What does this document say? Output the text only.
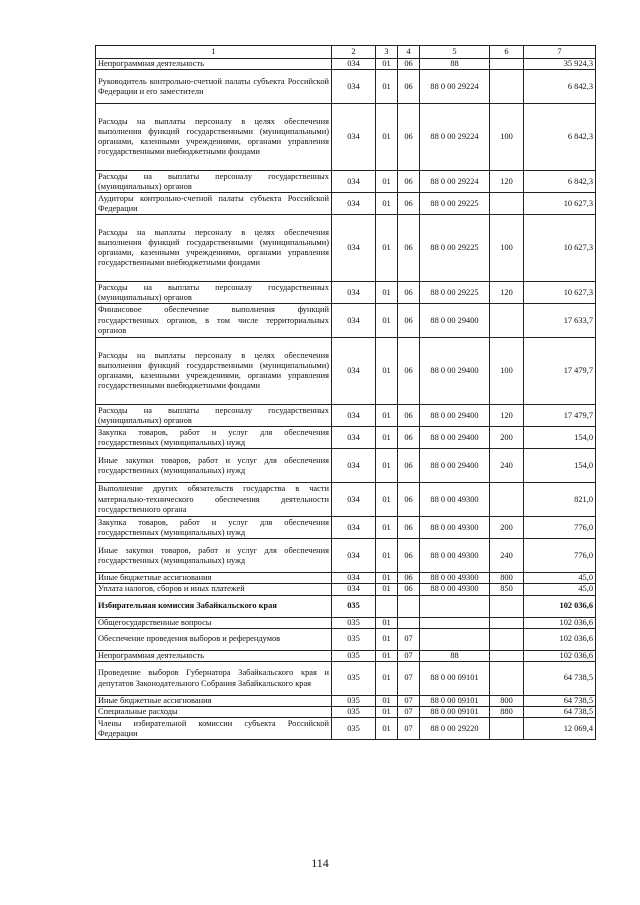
1	2	3	4	5	6	7
Непрограммная деятельность	034	01	06	88		35 924,3
Руководитель контрольно-счетной палаты субъекта Российской Федерации и его заместители	034	01	06	88 0 00 29224		6 842,3
Расходы на выплаты персоналу в целях обеспечения выполнения функций государственными (муниципальными) органами, казенными учреждениями, органами управления государственными внебюджетными фондами	034	01	06	88 0 00 29224	100	6 842,3
Расходы на выплаты персоналу государственных (муниципальных) органов	034	01	06	88 0 00 29224	120	6 842,3
Аудиторы контрольно-счетной палаты субъекта Российской Федерации	034	01	06	88 0 00 29225		10 627,3
Расходы на выплаты персоналу в целях обеспечения выполнения функций государственными (муниципальными) органами, казенными учреждениями, органами управления государственными внебюджетными фондами	034	01	06	88 0 00 29225	100	10 627,3
Расходы на выплаты персоналу государственных (муниципальных) органов	034	01	06	88 0 00 29225	120	10 627,3
Финансовое обеспечение выполнения функций государственных органов, в том числе территориальных органов	034	01	06	88 0 00 29400		17 633,7
Расходы на выплаты персоналу в целях обеспечения выполнения функций государственными (муниципальными) органами, казенными учреждениями, органами управления государственными внебюджетными фондами	034	01	06	88 0 00 29400	100	17 479,7
Расходы на выплаты персоналу государственных (муниципальных) органов	034	01	06	88 0 00 29400	120	17 479,7
Закупка товаров, работ и услуг для обеспечения государственных (муниципальных) нужд	034	01	06	88 0 00 29400	200	154,0
Иные закупки товаров, работ и услуг для обеспечения государственных (муниципальных) нужд	034	01	06	88 0 00 29400	240	154,0
Выполнение других обязательств государства в части материально-технического обеспечения деятельности государственного органа	034	01	06	88 0 00 49300		821,0
Закупка товаров, работ и услуг для обеспечения государственных (муниципальных) нужд	034	01	06	88 0 00 49300	200	776,0
Иные закупки товаров, работ и услуг для обеспечения государственных (муниципальных) нужд	034	01	06	88 0 00 49300	240	776,0
Иные бюджетные ассигнования	034	01	06	88 0 00 49300	800	45,0
Уплата налогов, сборов и иных платежей	034	01	06	88 0 00 49300	850	45,0
Избирательная комиссия Забайкальского края	035					102 036,6
Общегосударственные вопросы	035	01				102 036,6
Обеспечение проведения выборов и референдумов	035	01	07			102 036,6
Непрограммная деятельность	035	01	07	88		102 036,6
Проведение выборов Губернатора Забайкальского края и депутатов Законодательного Собрания Забайкальского края	035	01	07	88 0 00 09101		64 738,5
Иные бюджетные ассигнования	035	01	07	88 0 00 09101	800	64 738,5
Специальные расходы	035	01	07	88 0 00 09101	880	64 738,5
Члены избирательной комиссии субъекта Российской Федерации	035	01	07	88 0 00 29220		12 069,4
114
